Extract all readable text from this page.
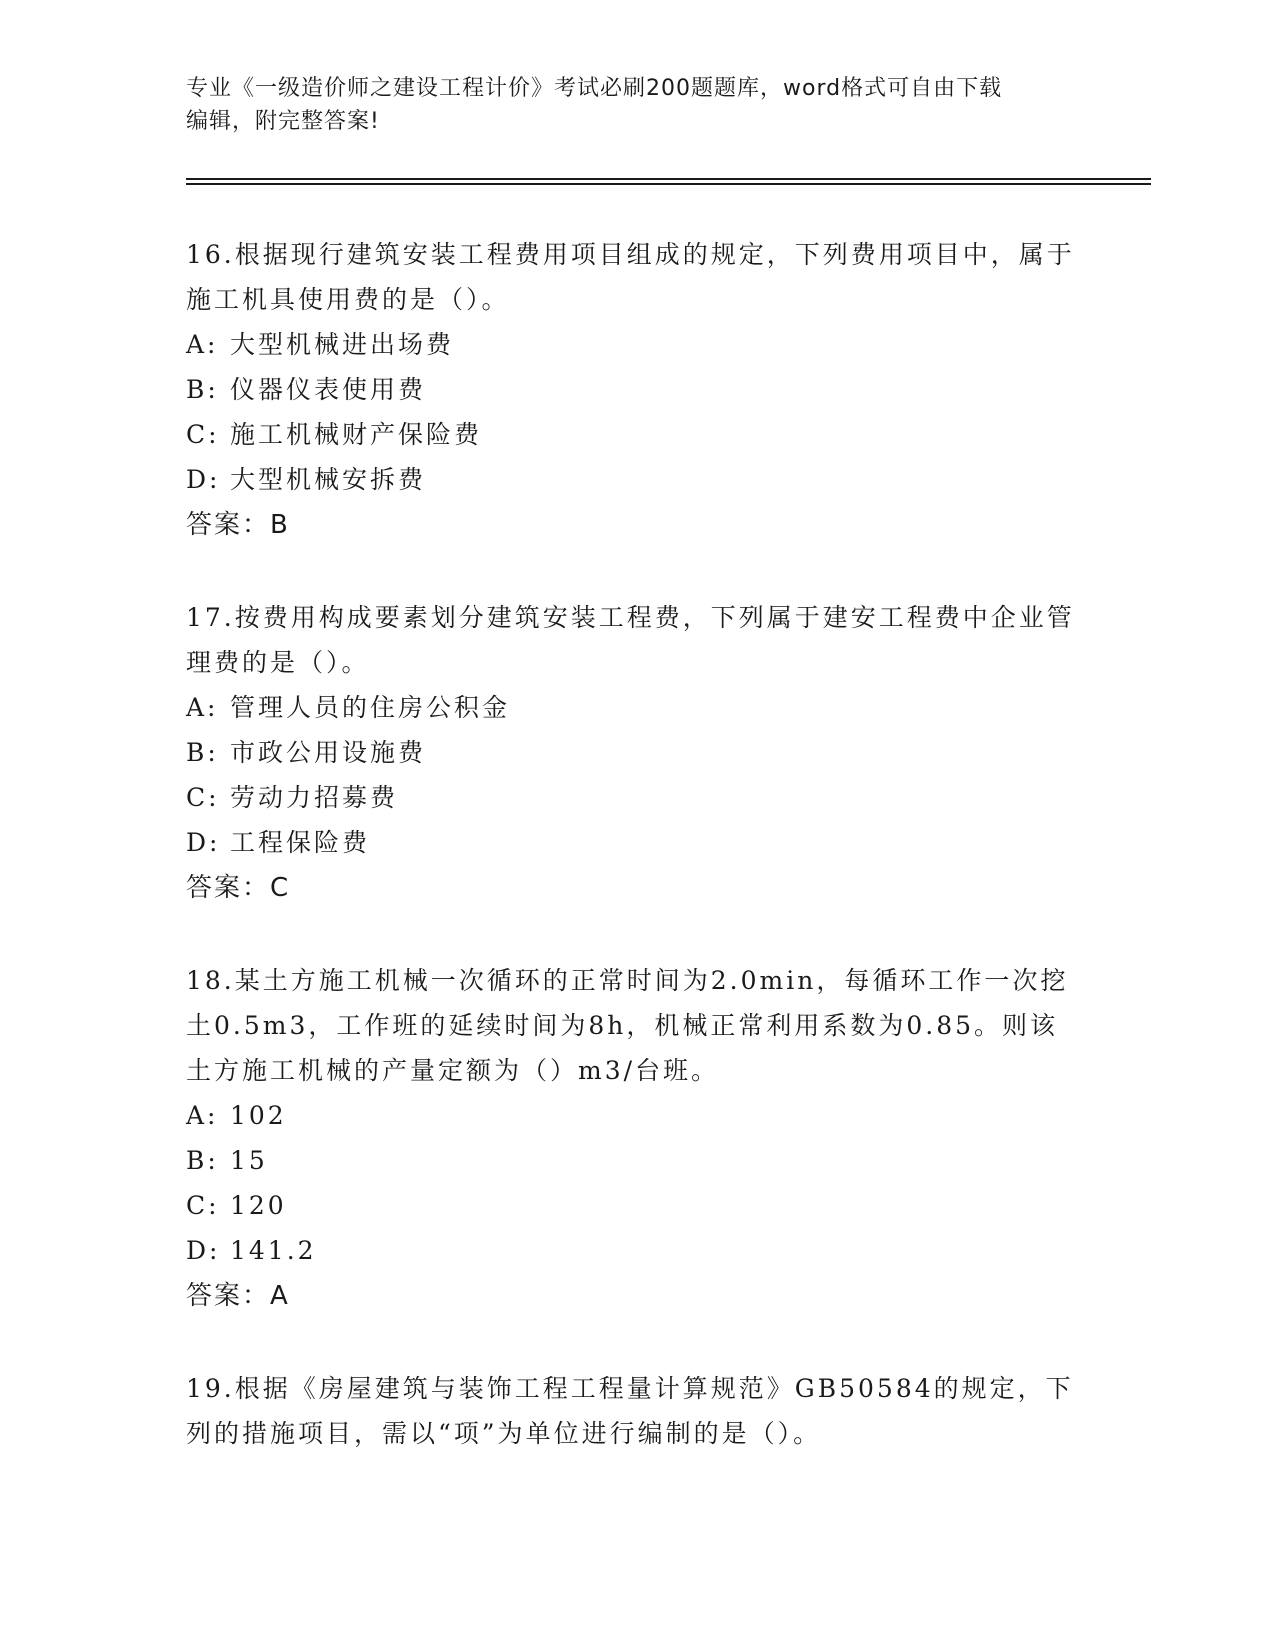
专业《一级造价师之建设工程计价》考试必刷200题题库，word格式可自由下载
编辑，附完整答案!

16.根据现行建筑安装工程费用项目组成的规定，下列费用项目中，属于施工机具使用费的是（）。

A: 大型机械进出场费
B: 仪器仪表使用费
C: 施工机械财产保险费
D: 大型机械安拆费
答案：B

17.按费用构成要素划分建筑安装工程费，下列属于建安工程费中企业管理费的是（）。

A: 管理人员的住房公积金
B: 市政公用设施费
C: 劳动力招募费
D: 工程保险费
答案：C

18.某土方施工机械一次循环的正常时间为2.0min，每循环工作一次挖土0.5m3，工作班的延续时间为8h，机械正常利用系数为0.85。则该土方施工机械的产量定额为（）m3/台班。

A: 102
B: 15
C: 120
D: 141.2
答案：A

19.根据《房屋建筑与装饰工程工程量计算规范》GB50584的规定，下列的措施项目，需以“项”为单位进行编制的是（）。
